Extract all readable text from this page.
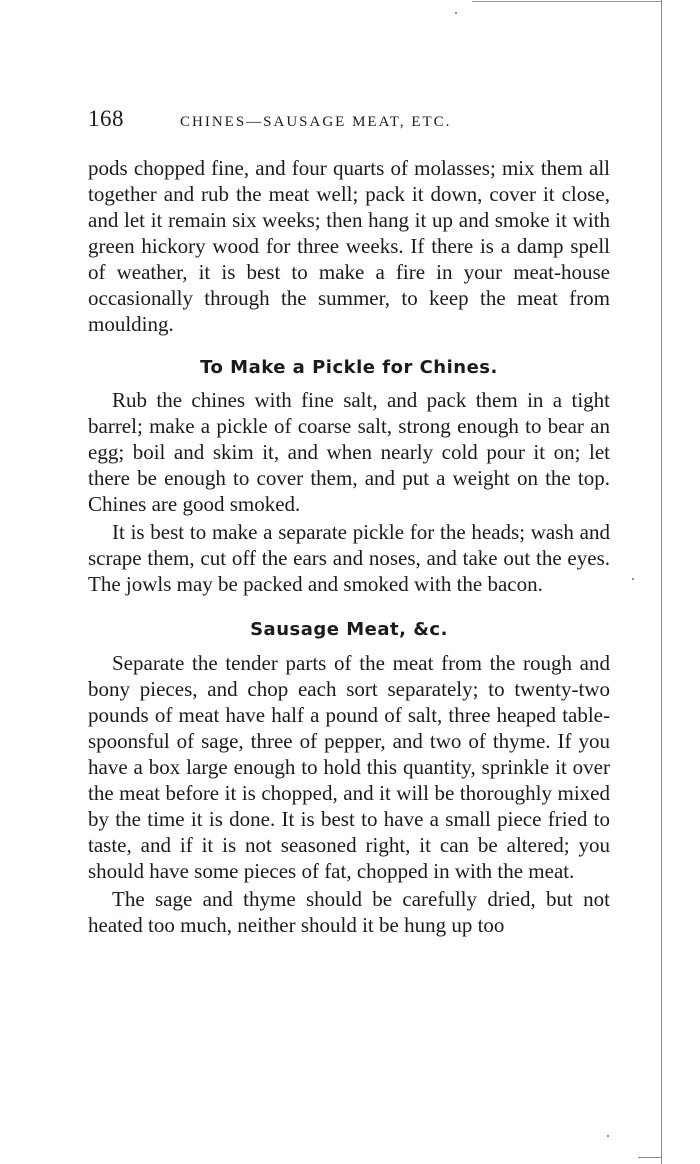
168	CHINES—SAUSAGE MEAT, ETC.

pods chopped fine, and four quarts of molasses; mix them all together and rub the meat well; pack it down, cover it close, and let it remain six weeks; then hang it up and smoke it with green hickory wood for three weeks. If there is a damp spell of weather, it is best to make a fire in your meat-house occasionally through the summer, to keep the meat from moulding.

To Make a Pickle for Chines.

Rub the chines with fine salt, and pack them in a tight barrel; make a pickle of coarse salt, strong enough to bear an egg; boil and skim it, and when nearly cold pour it on; let there be enough to cover them, and put a weight on the top. Chines are good smoked.

It is best to make a separate pickle for the heads; wash and scrape them, cut off the ears and noses, and take out the eyes. The jowls may be packed and smoked with the bacon.

Sausage Meat, &c.

Separate the tender parts of the meat from the rough and bony pieces, and chop each sort separately; to twenty-two pounds of meat have half a pound of salt, three heaped table-spoonsful of sage, three of pepper, and two of thyme. If you have a box large enough to hold this quantity, sprinkle it over the meat before it is chopped, and it will be thoroughly mixed by the time it is done. It is best to have a small piece fried to taste, and if it is not seasoned right, it can be altered; you should have some pieces of fat, chopped in with the meat.

The sage and thyme should be carefully dried, but not heated too much, neither should it be hung up too
